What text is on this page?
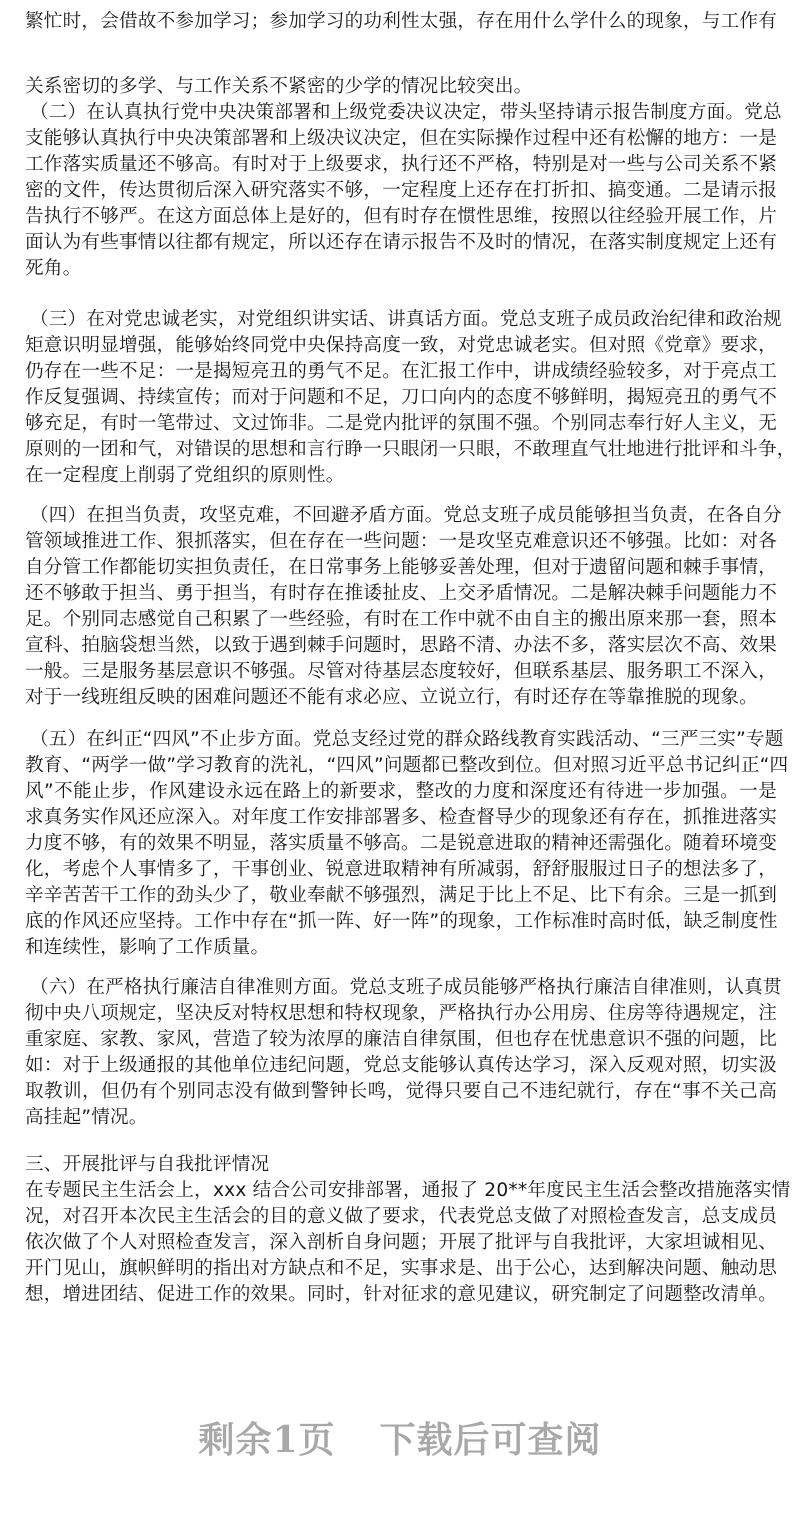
繁忙时，会借故不参加学习；参加学习的功利性太强，存在用什么学什么的现象，与工作有
关系密切的多学、与工作关系不紧密的少学的情况比较突出。
（二）在认真执行党中央决策部署和上级党委决议决定，带头坚持请示报告制度方面。党总
支能够认真执行中央决策部署和上级决议决定，但在实际操作过程中还有松懈的地方：一是
工作落实质量还不够高。有时对于上级要求，执行还不严格，特别是对一些与公司关系不紧
密的文件，传达贯彻后深入研究落实不够，一定程度上还存在打折扣、搞变通。二是请示报
告执行不够严。在这方面总体上是好的，但有时存在惯性思维，按照以往经验开展工作，片
面认为有些事情以往都有规定，所以还存在请示报告不及时的情况，在落实制度规定上还有
死角。
（三）在对党忠诚老实，对党组织讲实话、讲真话方面。党总支班子成员政治纪律和政治规
矩意识明显增强，能够始终同党中央保持高度一致，对党忠诚老实。但对照《党章》要求，
仍存在一些不足：一是揭短亮丑的勇气不足。在汇报工作中，讲成绩经验较多，对于亮点工
作反复强调、持续宣传；而对于问题和不足，刀口向内的态度不够鲜明，揭短亮丑的勇气不
够充足，有时一笔带过、文过饰非。二是党内批评的氛围不强。个别同志奉行好人主义，无
原则的一团和气，对错误的思想和言行睁一只眼闭一只眼，不敢理直气壮地进行批评和斗争，
在一定程度上削弱了党组织的原则性。
（四）在担当负责，攻坚克难，不回避矛盾方面。党总支班子成员能够担当负责，在各自分
管领域推进工作、狠抓落实，但在存在一些问题：一是攻坚克难意识还不够强。比如：对各
自分管工作都能切实担负责任，在日常事务上能够妥善处理，但对于遗留问题和棘手事情，
还不够敢于担当、勇于担当，有时存在推诿扯皮、上交矛盾情况。二是解决棘手问题能力不
足。个别同志感觉自己积累了一些经验，有时在工作中就不由自主的搬出原来那一套，照本
宣科、拍脑袋想当然，以致于遇到棘手问题时，思路不清、办法不多，落实层次不高、效果
一般。三是服务基层意识不够强。尽管对待基层态度较好，但联系基层、服务职工不深入，
对于一线班组反映的困难问题还不能有求必应、立说立行，有时还存在等靠推脱的现象。
（五）在纠正“四风”不止步方面。党总支经过党的群众路线教育实践活动、“三严三实”专题
教育、“两学一做”学习教育的洗礼，“四风”问题都已整改到位。但对照习近平总书记纠正“四
风”不能止步，作风建设永远在路上的新要求，整改的力度和深度还有待进一步加强。一是
求真务实作风还应深入。对年度工作安排部署多、检查督导少的现象还有存在，抓推进落实
力度不够，有的效果不明显，落实质量不够高。二是锐意进取的精神还需强化。随着环境变
化，考虑个人事情多了，干事创业、锐意进取精神有所减弱，舒舒服服过日子的想法多了，
辛辛苦苦干工作的劲头少了，敬业奉献不够强烈，满足于比上不足、比下有余。三是一抓到
底的作风还应坚持。工作中存在“抓一阵、好一阵”的现象，工作标准时高时低，缺乏制度性
和连续性，影响了工作质量。
（六）在严格执行廉洁自律准则方面。党总支班子成员能够严格执行廉洁自律准则，认真贯
彻中央八项规定，坚决反对特权思想和特权现象，严格执行办公用房、住房等待遇规定，注
重家庭、家教、家风，营造了较为浓厚的廉洁自律氛围，但也存在忧患意识不强的问题，比
如：对于上级通报的其他单位违纪问题，党总支能够认真传达学习，深入反观对照，切实汲
取教训，但仍有个别同志没有做到警钟长鸣，觉得只要自己不违纪就行，存在“事不关己高
高挂起”情况。
三、开展批评与自我批评情况
在专题民主生活会上，xxx 结合公司安排部署，通报了 20**年度民主生活会整改措施落实情
况，对召开本次民主生活会的目的意义做了要求，代表党总支做了对照检查发言，总支成员
依次做了个人对照检查发言，深入剖析自身问题；开展了批评与自我批评，大家坦诚相见、
开门见山，旗帜鲜明的指出对方缺点和不足，实事求是、出于公心，达到解决问题、触动思
想，增进团结、促进工作的效果。同时，针对征求的意见建议，研究制定了问题整改清单。
剩余1页 下载后可查阅
